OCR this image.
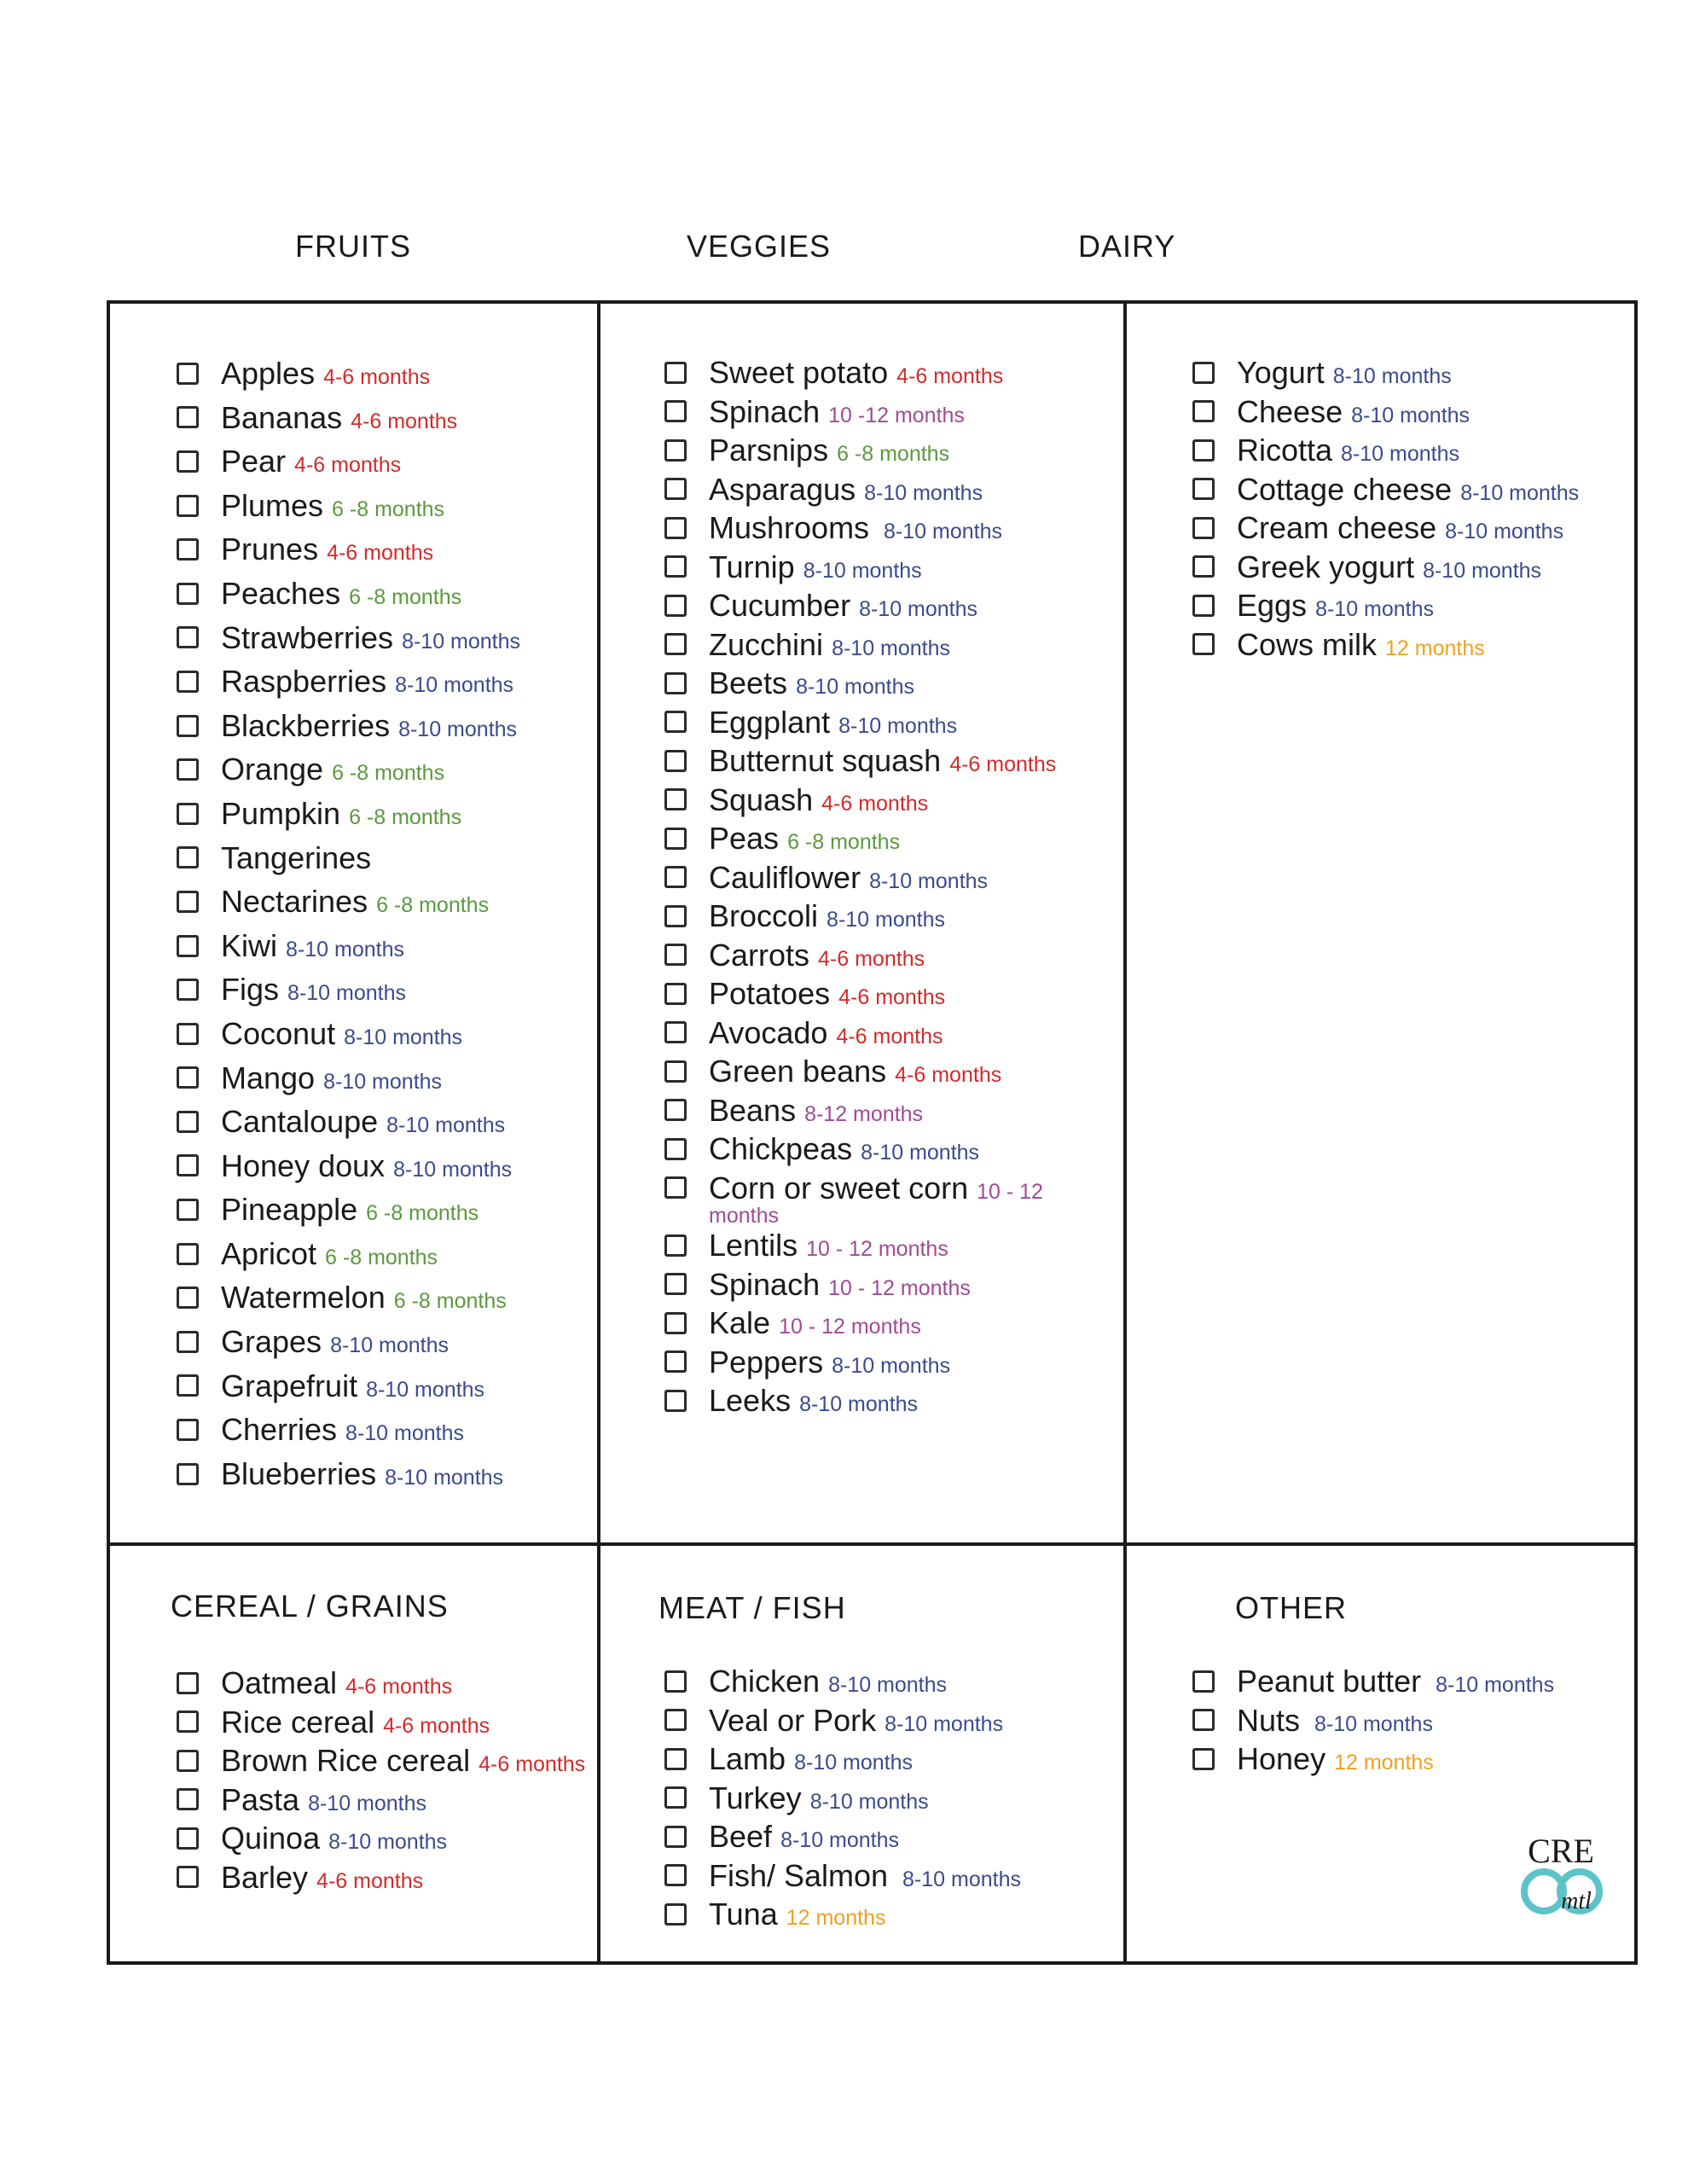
FRUITS	VEGGIES	DAIRY
Apples 4-6 months
Bananas 4-6 months
Pear 4-6 months
Plumes 6 -8 months
Prunes 4-6 months
Peaches 6 -8 months
Strawberries 8-10 months
Raspberries 8-10 months
Blackberries 8-10 months
Orange 6 -8 months
Pumpkin 6 -8 months
Tangerines
Nectarines 6 -8 months
Kiwi 8-10 months
Figs 8-10 months
Coconut 8-10 months
Mango 8-10 months
Cantaloupe 8-10 months
Honey doux 8-10 months
Pineapple 6 -8 months
Apricot 6 -8 months
Watermelon 6 -8 months
Grapes 8-10 months
Grapefruit 8-10 months
Cherries 8-10 months
Blueberries 8-10 months
Sweet potato 4-6 months
Spinach 10 -12 months
Parsnips 6 -8 months
Asparagus 8-10 months
Mushrooms 8-10 months
Turnip 8-10 months
Cucumber 8-10 months
Zucchini 8-10 months
Beets 8-10 months
Eggplant 8-10 months
Butternut squash 4-6 months
Squash 4-6 months
Peas 6 -8 months
Cauliflower 8-10 months
Broccoli 8-10 months
Carrots 4-6 months
Potatoes 4-6 months
Avocado 4-6 months
Green beans 4-6 months
Beans 8-12 months
Chickpeas 8-10 months
Corn or sweet corn 10 - 12
months
Lentils 10 - 12 months
Spinach 10 - 12 months
Kale 10 - 12 months
Peppers 8-10 months
Leeks 8-10 months
Yogurt 8-10 months
Cheese 8-10 months
Ricotta 8-10 months
Cottage cheese 8-10 months
Cream cheese 8-10 months
Greek yogurt 8-10 months
Eggs 8-10 months
Cows milk 12 months
CEREAL / GRAINS
Oatmeal 4-6 months
Rice cereal 4-6 months
Brown Rice cereal 4-6 months
Pasta 8-10 months
Quinoa 8-10 months
Barley 4-6 months
MEAT / FISH
Chicken 8-10 months
Veal or Pork 8-10 months
Lamb 8-10 months
Turkey 8-10 months
Beef 8-10 months
Fish/ Salmon 8-10 months
Tuna 12 months
OTHER
Peanut butter 8-10 months
Nuts 8-10 months
Honey 12 months
CRE
mtl
